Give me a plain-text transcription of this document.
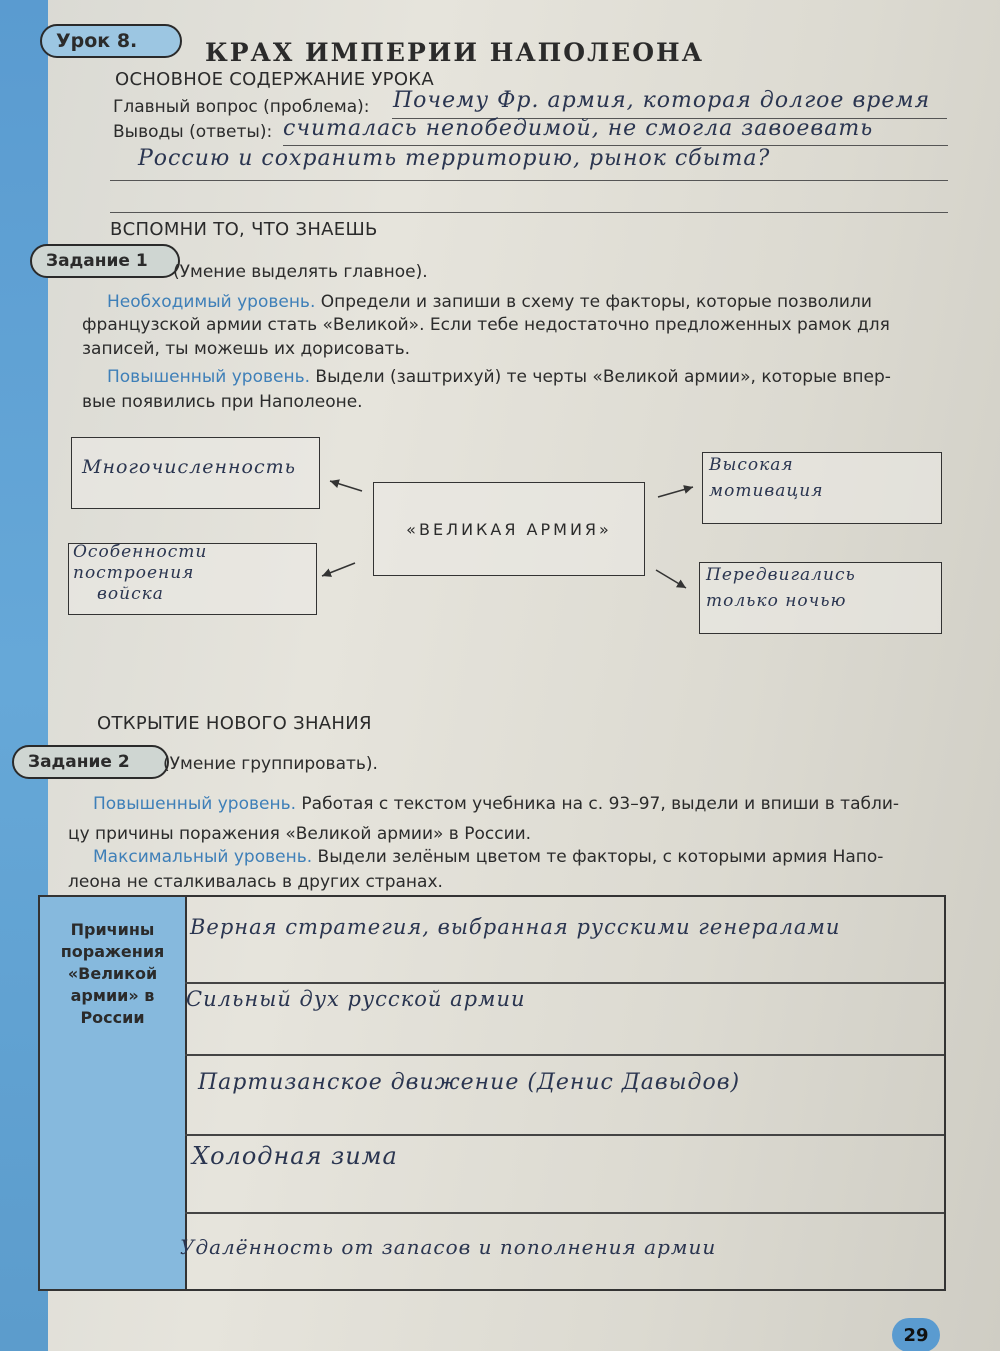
Урок 8.	КРАХ ИМПЕРИИ НАПОЛЕОНА
ОСНОВНОЕ СОДЕРЖАНИЕ УРОКА
Главный вопрос (проблема): Почему Фр. армия, которая долгое время
Выводы (ответы): считалась непобедимой, не смогла завоевать
Россию и сохранить территорию, рынок сбыта?
ВСПОМНИ ТО, ЧТО ЗНАЕШЬ
Задание 1
(Умение выделять главное).
Необходимый уровень. Определи и запиши в схему те факторы, которые позволили
французской армии стать «Великой». Если тебе недостаточно предложенных рамок для
записей, ты можешь их дорисовать.
Повышенный уровень. Выдели (заштрихуй) те черты «Великой армии», которые впер-
вые появились при Наполеоне.
«ВЕЛИКАЯ АРМИЯ»
Многочисленность
Особенности
построения
войска
Высокая
мотивация
Передвигались
только ночью
ОТКРЫТИЕ НОВОГО ЗНАНИЯ
Задание 2	(Умение группировать).
Повышенный уровень. Работая с текстом учебника на с. 93–97, выдели и впиши в табли-
цу причины поражения «Великой армии» в России.
Максимальный уровень. Выдели зелёным цветом те факторы, с которыми армия Напо-
леона не сталкивалась в других странах.
Причины поражения «Великой армии» в России
Верная стратегия, выбранная русскими генералами
Сильный дух русской армии
Партизанское движение (Денис Давыдов)
Холодная зима
Удалённость от запасов и пополнения армии
29
